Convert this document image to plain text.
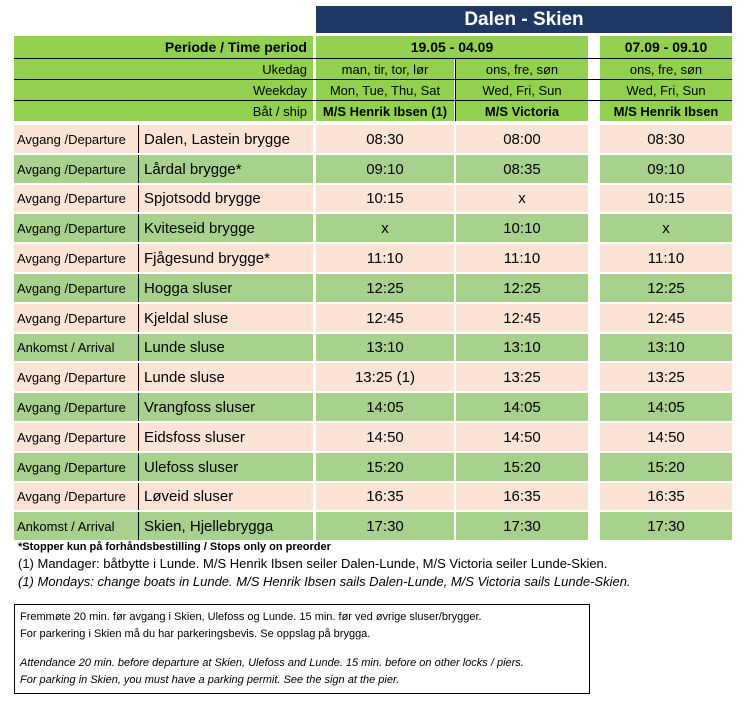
Dalen - Skien
Periode / Time period	19.05 - 04.09	07.09 - 09.10
Ukedag	man, tir, tor, lør	ons, fre, søn	ons, fre, søn
Weekday	Mon, Tue, Thu, Sat	Wed, Fri, Sun	Wed, Fri, Sun
Båt / ship	M/S Henrik Ibsen (1)	M/S Victoria	M/S Henrik Ibsen
Avgang /Departure	Dalen, Lastein brygge	08:30	08:00	08:30
Avgang /Departure	Lårdal brygge*	09:10	08:35	09:10
Avgang /Departure	Spjotsodd brygge	10:15	x	10:15
Avgang /Departure	Kviteseid brygge	x	10:10	x
Avgang /Departure	Fjågesund brygge*	11:10	11:10	11:10
Avgang /Departure	Hogga sluser	12:25	12:25	12:25
Avgang /Departure	Kjeldal sluse	12:45	12:45	12:45
Ankomst / Arrival	Lunde sluse	13:10	13:10	13:10
Avgang /Departure	Lunde sluse	13:25 (1)	13:25	13:25
Avgang /Departure	Vrangfoss sluser	14:05	14:05	14:05
Avgang /Departure	Eidsfoss sluser	14:50	14:50	14:50
Avgang /Departure	Ulefoss sluser	15:20	15:20	15:20
Avgang /Departure	Løveid sluser	16:35	16:35	16:35
Ankomst / Arrival	Skien, Hjellebrygga	17:30	17:30	17:30
*Stopper kun på forhåndsbestilling / Stops only on preorder
(1) Mandager: båtbytte i Lunde. M/S Henrik Ibsen seiler Dalen-Lunde, M/S Victoria seiler Lunde-Skien.
(1) Mondays: change boats in Lunde. M/S Henrik Ibsen sails Dalen-Lunde, M/S Victoria sails Lunde-Skien.
Fremmøte 20 min. før avgang i Skien, Ulefoss og Lunde. 15 min. før ved øvrige sluser/brygger.
For parkering i Skien må du har parkeringsbevis. Se oppslag på brygga.
Attendance 20 min. before departure at Skien, Ulefoss and Lunde. 15 min. before on other locks / piers.
For parking in Skien, you must have a parking permit. See the sign at the pier.
